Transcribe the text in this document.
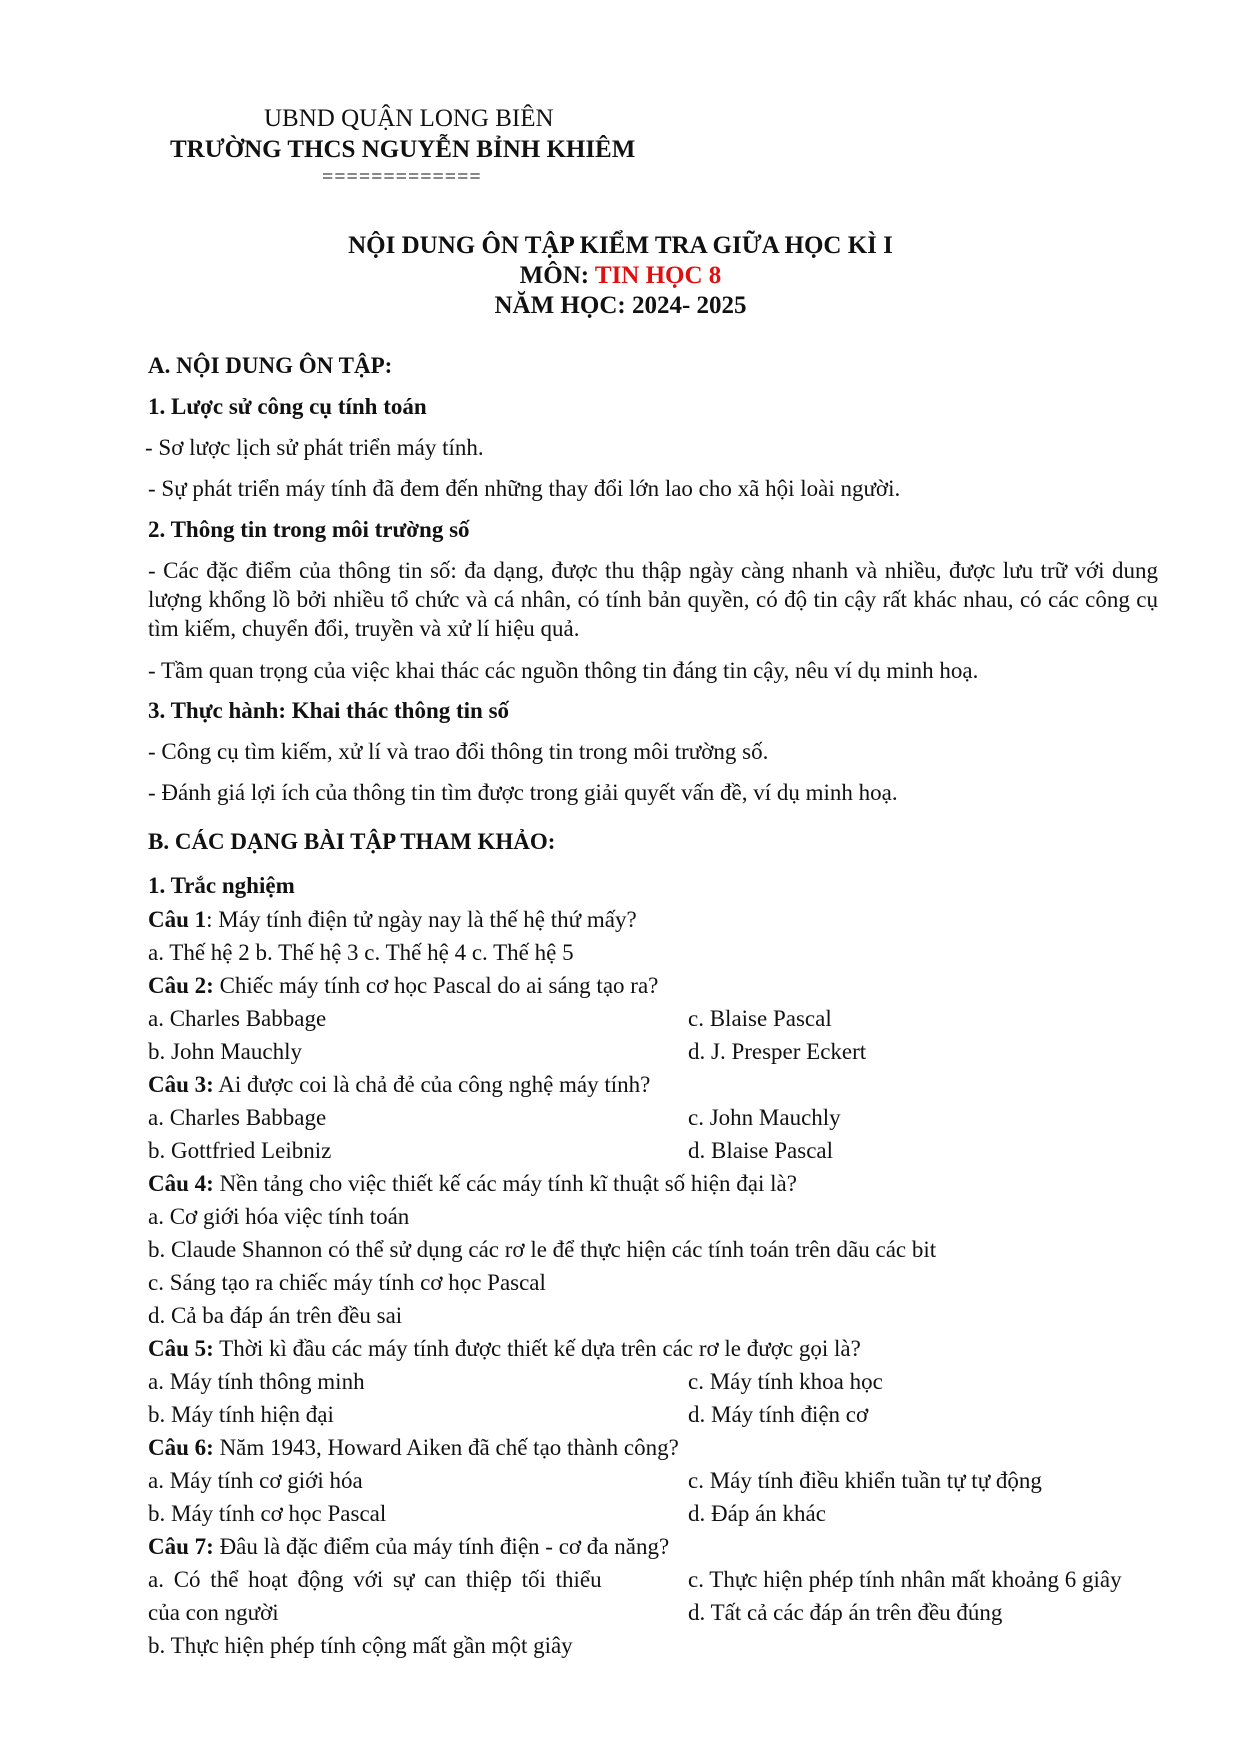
UBND QUẬN LONG BIÊN
TRƯỜNG THCS NGUYỄN BỈNH KHIÊM
=============
NỘI DUNG ÔN TẬP KIỂM TRA GIỮA HỌC KÌ I
MÔN: TIN HỌC 8
NĂM HỌC: 2024- 2025
A. NỘI DUNG ÔN TẬP:
1. Lược sử công cụ tính toán
- Sơ lược lịch sử phát triển máy tính.
- Sự phát triển máy tính đã đem đến những thay đổi lớn lao cho xã hội loài người.
2. Thông tin trong môi trường số
- Các đặc điểm của thông tin số: đa dạng, được thu thập ngày càng nhanh và nhiều, được lưu trữ với dung lượng khổng lồ bởi nhiều tổ chức và cá nhân, có tính bản quyền, có độ tin cậy rất khác nhau, có các công cụ tìm kiếm, chuyển đổi, truyền và xử lí hiệu quả.
- Tầm quan trọng của việc khai thác các nguồn thông tin đáng tin cậy, nêu ví dụ minh hoạ.
3. Thực hành: Khai thác thông tin số
- Công cụ tìm kiếm, xử lí và trao đổi thông tin trong môi trường số.
- Đánh giá lợi ích của thông tin tìm được trong giải quyết vấn đề, ví dụ minh hoạ.
B. CÁC DẠNG BÀI TẬP THAM KHẢO:
1. Trắc nghiệm
Câu 1: Máy tính điện tử ngày nay là thế hệ thứ mấy?
a. Thế hệ 2 b. Thế hệ 3 c. Thế hệ 4 c. Thế hệ 5
Câu 2: Chiếc máy tính cơ học Pascal do ai sáng tạo ra?
a. Charles Babbage	c. Blaise Pascal
b. John Mauchly	d. J. Presper Eckert
Câu 3: Ai được coi là chả đẻ của công nghệ máy tính?
a. Charles Babbage	c. John Mauchly
b. Gottfried Leibniz	d. Blaise Pascal
Câu 4: Nền tảng cho việc thiết kế các máy tính kĩ thuật số hiện đại là?
a. Cơ giới hóa việc tính toán
b. Claude Shannon có thể sử dụng các rơ le để thực hiện các tính toán trên dãu các bit
c. Sáng tạo ra chiếc máy tính cơ học Pascal
d. Cả ba đáp án trên đều sai
Câu 5: Thời kì đầu các máy tính được thiết kế dựa trên các rơ le được gọi là?
a. Máy tính thông minh	c. Máy tính khoa học
b. Máy tính hiện đại	d. Máy tính điện cơ
Câu 6: Năm 1943, Howard Aiken đã chế tạo thành công?
a. Máy tính cơ giới hóa	c. Máy tính điều khiển tuần tự tự động
b. Máy tính cơ học Pascal	d. Đáp án khác
Câu 7: Đâu là đặc điểm của máy tính điện - cơ đa năng?
a. Có thể hoạt động với sự can thiệp tối thiểu	c. Thực hiện phép tính nhân mất khoảng 6 giây
của con người	d. Tất cả các đáp án trên đều đúng
b. Thực hiện phép tính cộng mất gần một giây
